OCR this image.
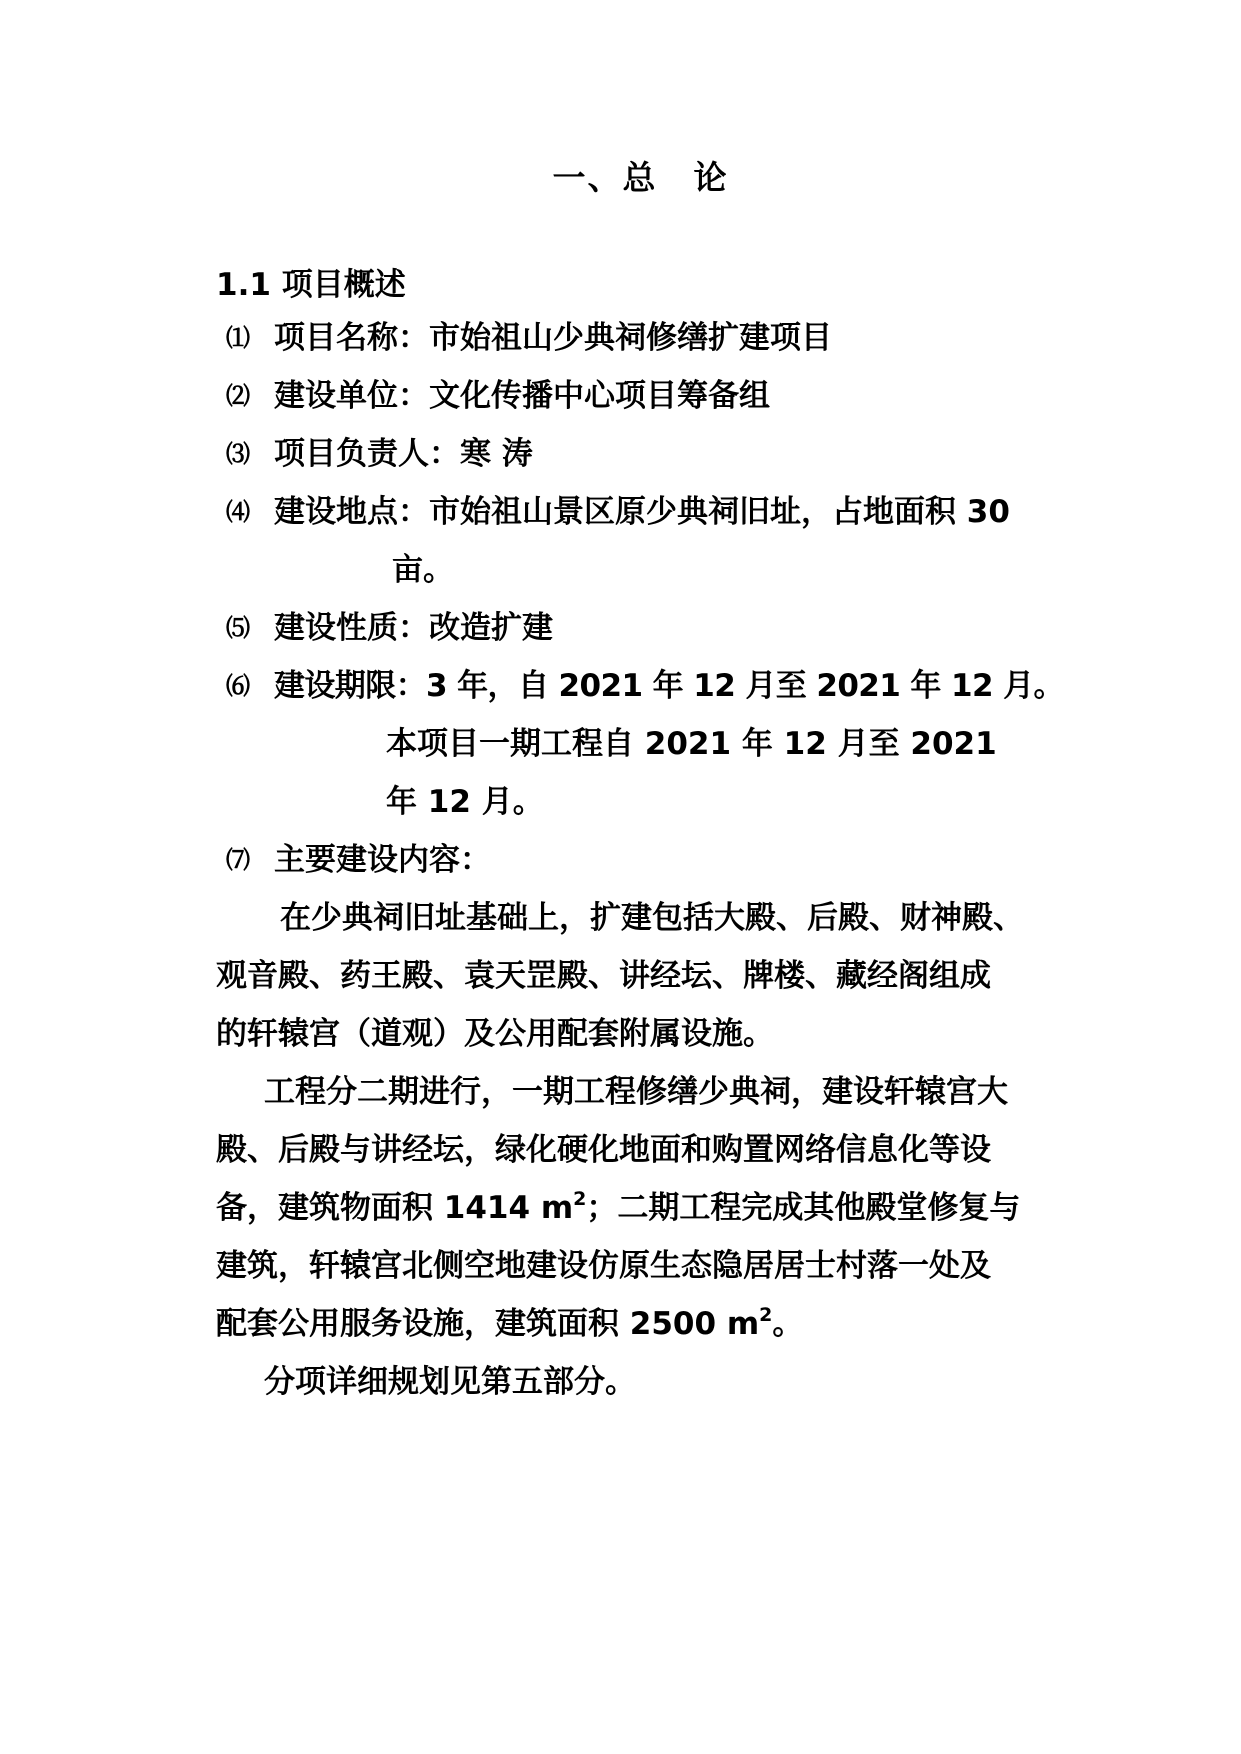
一、总 论
1.1 项目概述
⑴ 项目名称：市始祖山少典祠修缮扩建项目
⑵ 建设单位：文化传播中心项目筹备组
⑶ 项目负责人：寒 涛
⑷ 建设地点：市始祖山景区原少典祠旧址，占地面积 30
亩。
⑸ 建设性质：改造扩建
⑹ 建设期限：3 年，自 2021 年 12 月至 2021 年 12 月。
本项目一期工程自 2021 年 12 月至 2021
年 12 月。
⑺ 主要建设内容：
在少典祠旧址基础上，扩建包括大殿、后殿、财神殿、
观音殿、药王殿、袁天罡殿、讲经坛、牌楼、藏经阁组成
的轩辕宫（道观）及公用配套附属设施。
工程分二期进行，一期工程修缮少典祠，建设轩辕宫大
殿、后殿与讲经坛，绿化硬化地面和购置网络信息化等设
备，建筑物面积 1414 $m^2$；二期工程完成其他殿堂修复与
建筑，轩辕宫北侧空地建设仿原生态隐居居士村落一处及
配套公用服务设施，建筑面积 2500 $m^2$。
分项详细规划见第五部分。
